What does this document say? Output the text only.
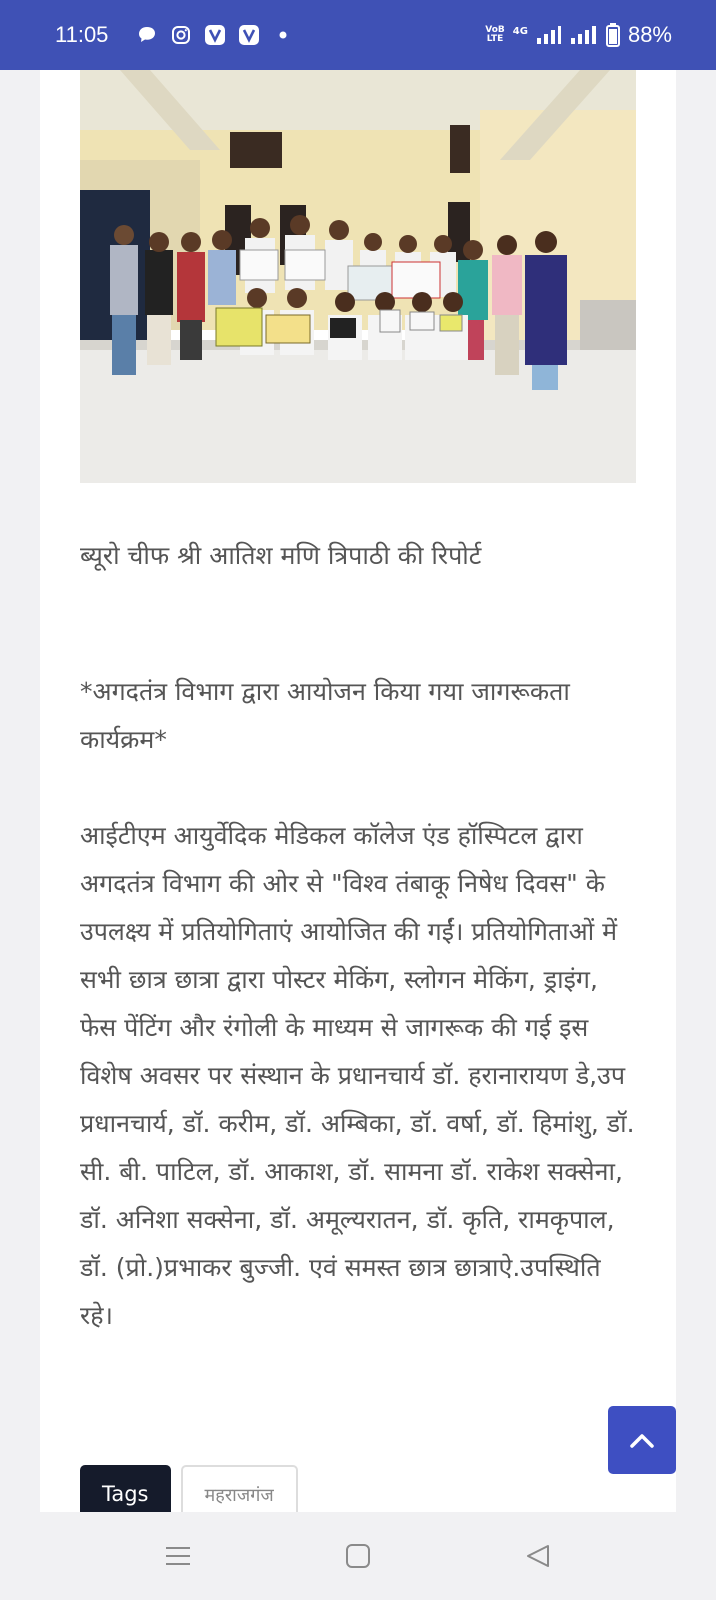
11:05	VoB
LTE
4G	88%

ब्यूरो चीफ श्री आतिश मणि त्रिपाठी की रिपोर्ट

*अगदतंत्र विभाग द्वारा आयोजन किया गया जागरूकता कार्यक्रम*

आईटीएम आयुर्वेदिक मेडिकल कॉलेज एंड हॉस्पिटल द्वारा अगदतंत्र विभाग की ओर से "विश्व तंबाकू निषेध दिवस" के उपलक्ष्य में प्रतियोगिताएं आयोजित की गईं। प्रतियोगिताओं में सभी छात्र छात्रा द्वारा पोस्टर मेकिंग, स्लोगन मेकिंग, ड्राइंग, फेस पेंटिंग और रंगोली के माध्यम से जागरूक की गई इस विशेष अवसर पर संस्थान के प्रधानचार्य डॉ. हरानारायण डे,उप प्रधानचार्य, डॉ. करीम, डॉ. अम्बिका, डॉ. वर्षा, डॉ. हिमांशु, डॉ. सी. बी. पाटिल, डॉ. आकाश, डॉ. सामना डॉ. राकेश सक्सेना, डॉ. अनिशा सक्सेना, डॉ. अमूल्यरातन, डॉ. कृति, रामकृपाल, डॉ. (प्रो.)प्रभाकर बुज्जी. एवं समस्त छात्र छात्राऐ.उपस्थिति रहे।

Tags	महराजगंज
